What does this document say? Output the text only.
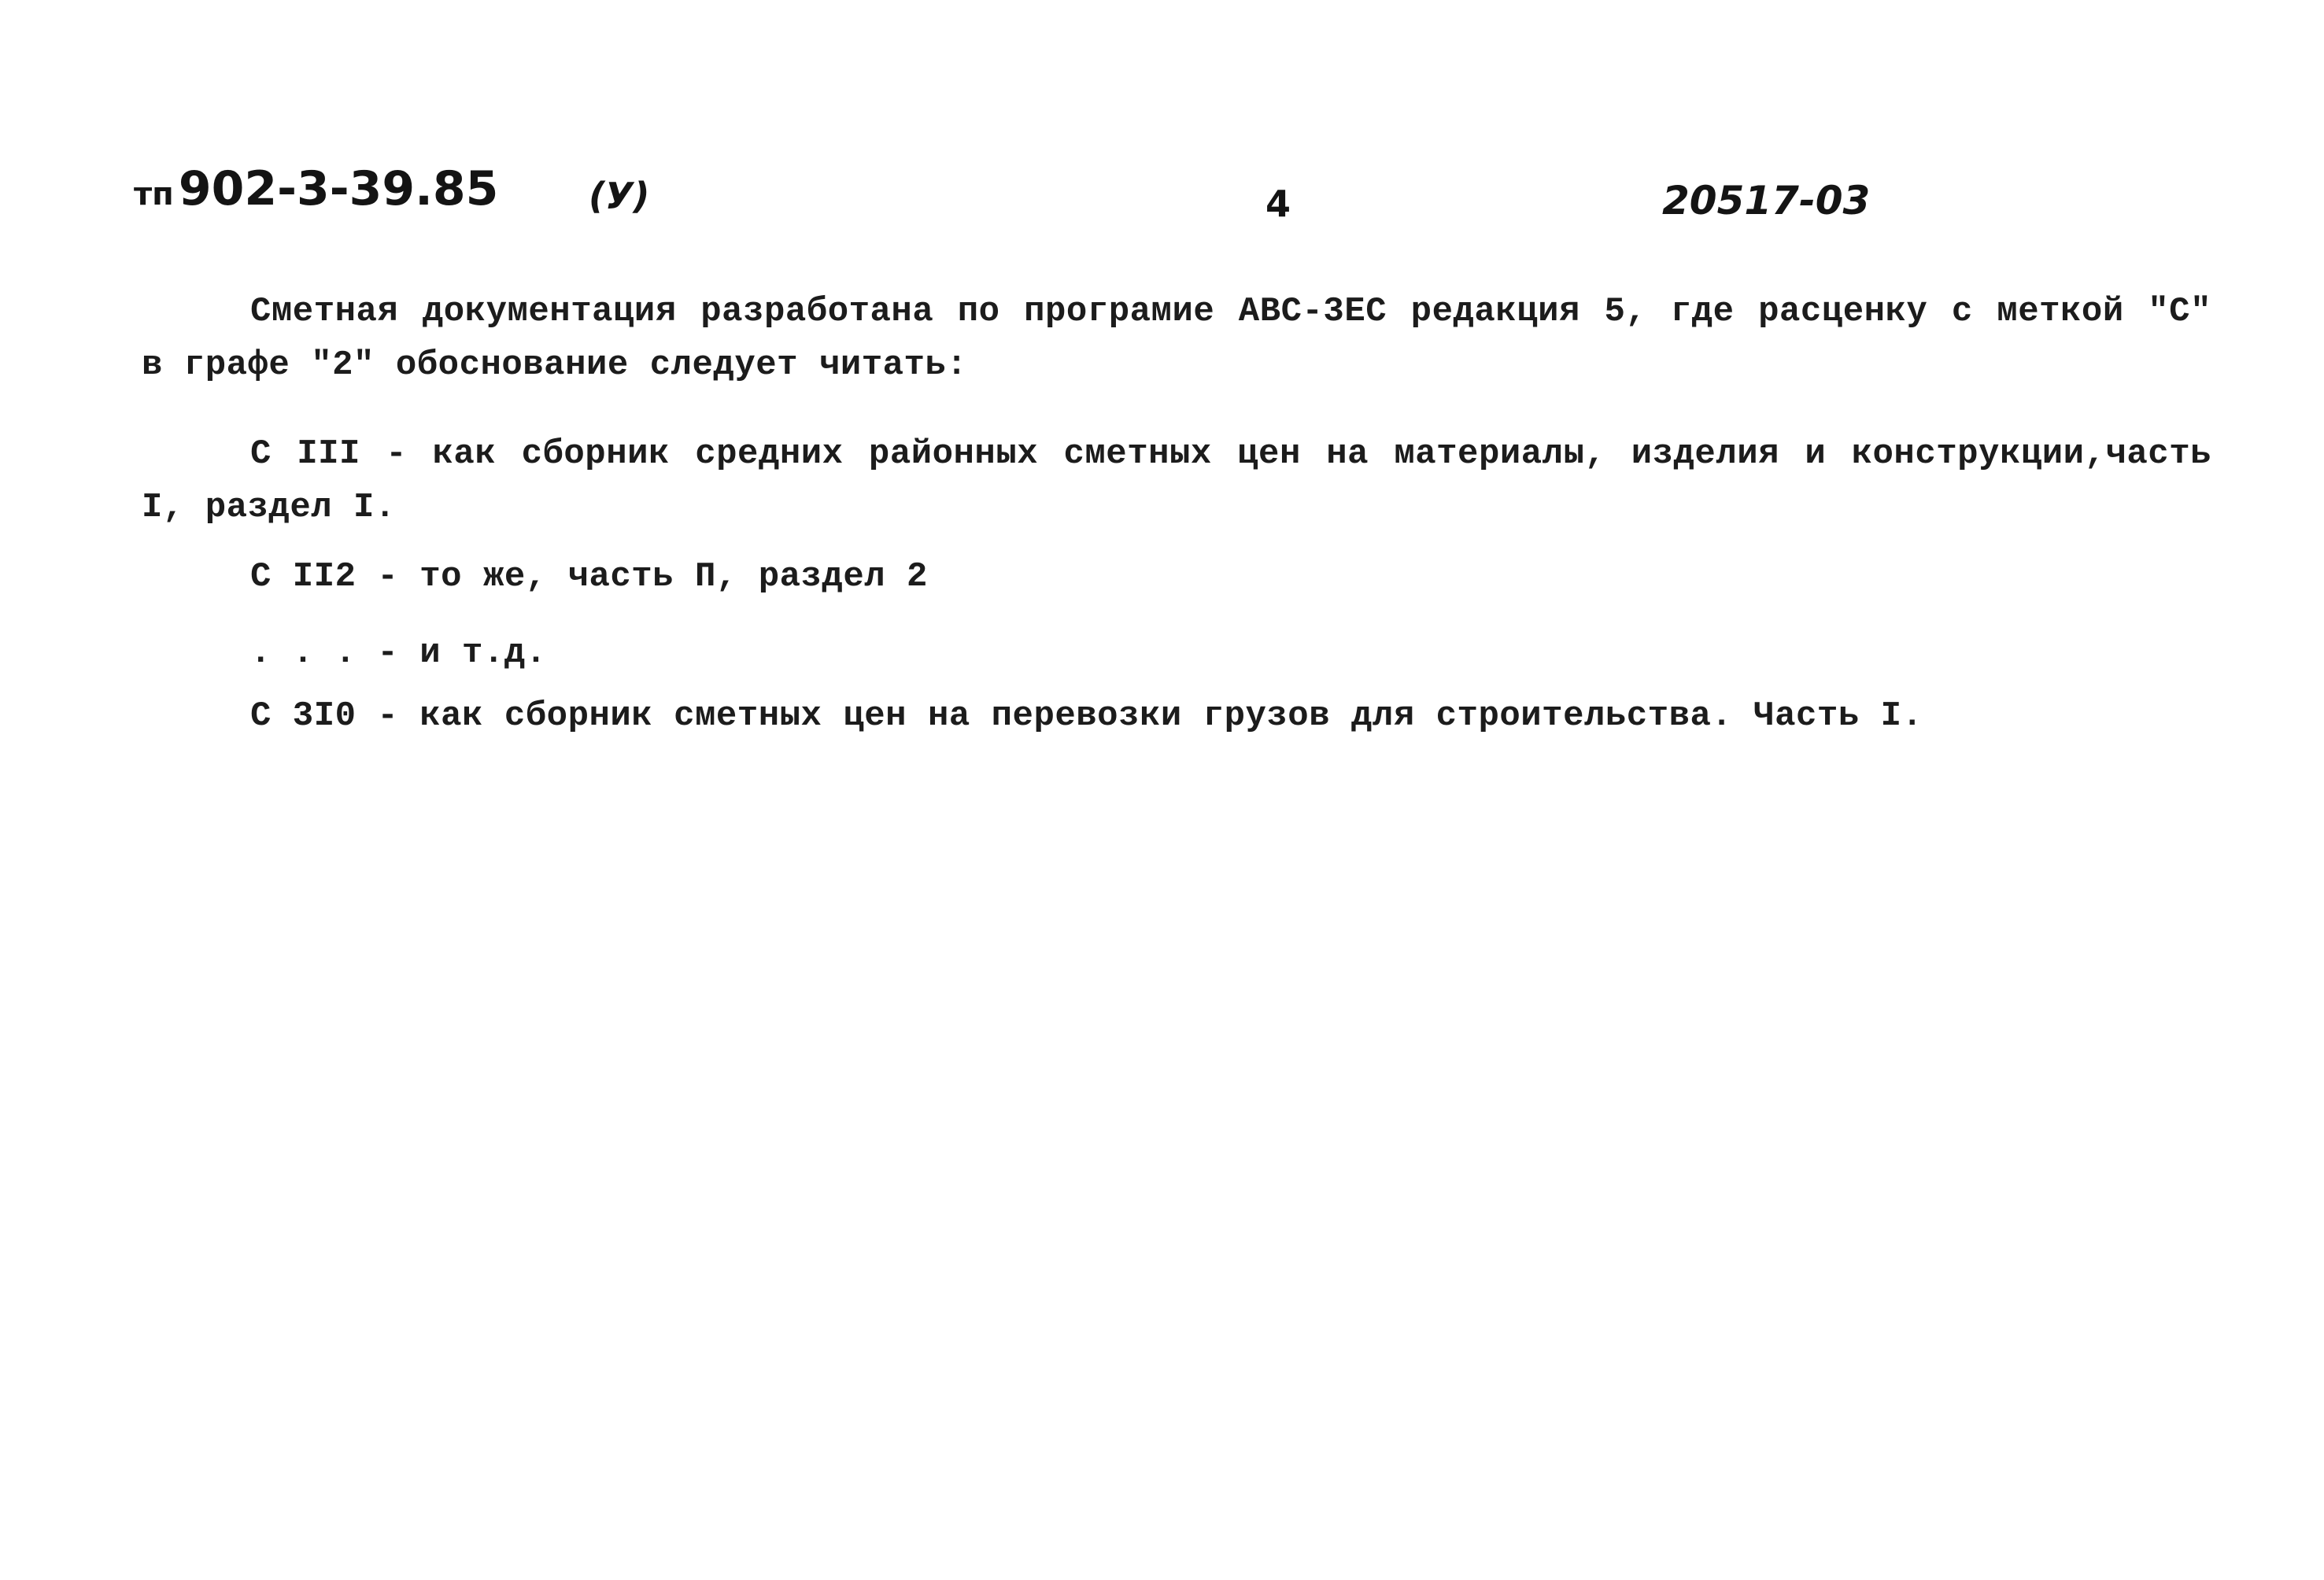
тп 902-3-39.85 (У)	4	20517-03
Сметная документация разработана по програмие АВС-3ЕС редакция 5, где расценку с меткой "С" в графе "2" обоснование следует читать:
С III - как сборник средних районных сметных цен на материалы, изделия и конструкции,часть I, раздел I.
С II2 - то же, часть П, раздел 2
. . . - и т.д.
С 3I0 - как сборник сметных цен на перевозки грузов для строительства. Часть I.
